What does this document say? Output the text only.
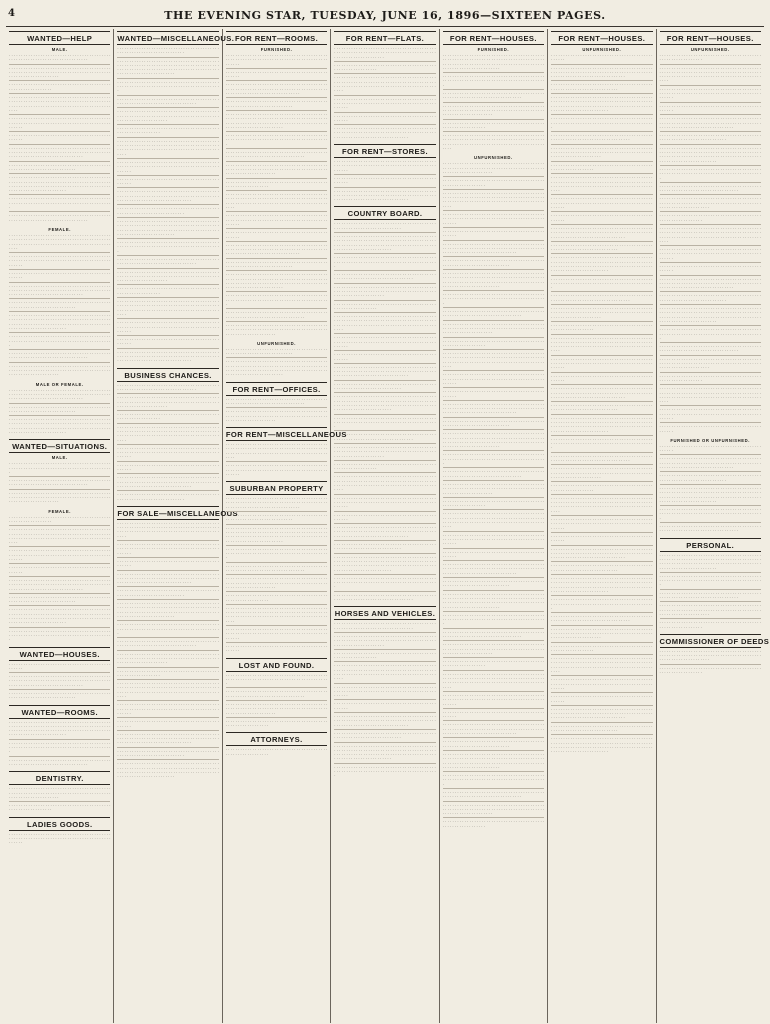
4	THE EVENING STAR, TUESDAY, JUNE 16, 1896—SIXTEEN PAGES.
WANTED—HELP
MALE.
· · · · · · · · · · · · · · · · · · · · · · · · · · · · · · · · · · · · · · · · · · · · · · · · · · · · · · · · · · · · · · · · · · · · · · · · · · ·
· · · · · · · · · · · · · · · · · · · · · · · · · · · · · · · · · · · · · · · · · · · · · · · · · · · · · · · · · · · · · · · · · · · · · · · · · · · · · · · · · · · · · · · · · · · · · · · · · · · · · · · · ·
· · · · · · · · · · · · · · · · · · · · · · · · · · · · · · · · · · · · · · · · · · · · · · · · · · · · · · · · · · · ·
· · · · · · · · · · · · · · · · · · · · · · · · · · · · · · · · · · · · · · · · · · · · · · · · · · · · · · · · · · · · · · · · · · · · · · · · · · · · · · · · · · · · · · · · · · · · · · · · · · · · · · · · · · · · · · · · · · · · · · · · · · · · · · · · · ·
· · · · · · · · · · · · · · · · · · · · · · · · · · · · · · · · · · · · · · · · · · · · · · · · · · · · · · · · · · · · · · · · · · · · · · · · · · · · · · · · · · · · · · · · · ·
· · · · · · · · · · · · · · · · · · · · · · · · · · · · · · · · · · · · · · · · · · · · · · · ·
· · · · · · · · · · · · · · · · · · · · · · · · · · · · · · · · · · · · · · · · · · · · · · · · · · · · · · · · · · · · · · · · · · · · · · · · · · · · · · · · · · · · · · · · · · · · · · · · · · · · · · · · · · · · · · · · · · ·
· · · · · · · · · · · · · · · · · · · · · · · · · · · · · · · · · · · · · · · · · · · · · · · · · · · · · · · · · · · · · · · · · · · · · ·
· · · · · · · · · · · · · · · · · · · · · · · · · · · · · · · · · · · · · · · · · · · · · · · · · · · · · · · · · · · · · · · · · · · · · · · · · · · · · · · · · · · · · · · · · · · · · · · · · · · · · · · · · · · · · · · · · · · · · · · · · · · · · · · · · · · · · · · · · · · · · · · · · · · · · ·
· · · · · · · · · · · · · · · · · · · · · · · · · · · · · · · · · · · · · · · · · · · · · · · · · · · · · · · · · · · · · · · · · · · · · · · · · · · · · · · · · · · · ·
· · · · · · · · · · · · · · · · · · · · · · · · · · · · · · · · · · · · · · · · · · · · · · · · · · · · · · · · · · · · · · · · · · · · · · · · · · ·
FEMALE.
· · · · · · · · · · · · · · · · · · · · · · · · · · · · · · · · · · · · · · · · · · · · · · · · · · · · · · · · · · · · · · · · · · · · · · · · · · · · · · · · · · · · · · · · · · · · · · · · · · · · · · · · · · · · · · · · · · · · · · · · · · · · · · · · · ·
· · · · · · · · · · · · · · · · · · · · · · · · · · · · · · · · · · · · · · · · · · · · · · · · · · · · · · · · · · · · · · · · · · · · · · · · · · · · · · · · · · · · · · · · · ·
· · · · · · · · · · · · · · · · · · · · · · · · · · · · · · · · · · · · · · · · · · · · · · · ·
· · · · · · · · · · · · · · · · · · · · · · · · · · · · · · · · · · · · · · · · · · · · · · · · · · · · · · · · · · · · · · · · · · · · · · · · · · · · · · · · · · · · · · · · · · · · · · · · · · · · · · · · · · · · · · · · · · ·
· · · · · · · · · · · · · · · · · · · · · · · · · · · · · · · · · · · · · · · · · · · · · · · · · · · · · · · · · · · · · · · · · · · · · ·
· · · · · · · · · · · · · · · · · · · · · · · · · · · · · · · · · · · · · · · · · · · · · · · · · · · · · · · · · · · · · · · · · · · · · · · · · · · · · · · · · · · · · · · · · · · · · · · · · · · · · · · · · · · · · · · · · · · · · · · · · · · · · · · · · · · · · · · · · · · · · · · · · · · · · ·
· · · · · · · · · · · · · · · · · · · · · · · · · · · · · · · · · · · · · · · · · · · · · · · · · · · · · · · · · · · · · · · · · · · · · · · · · · · · · · · · · · · · ·
· · · · · · · · · · · · · · · · · · · · · · · · · · · · · · · · · · · · · · · · · · · · · · · · · · · · · · · · · · · · · · · · · · · · · · · · · · ·
· · · · · · · · · · · · · · · · · · · · · · · · · · · · · · · · · · · · · · · · · · · · · · · · · · · · · · · · · · · · · · · · · · · · · · · · · · · · · · · · · · · · · · · · · · · · · · · · · · · · · · · · ·
MALE OR FEMALE.
· · · · · · · · · · · · · · · · · · · · · · · · · · · · · · · · · · · · · · · · · · · · · · · · · · · · · · · · · · · · · · · · · · · · · · · · · · · · · · · · · · · · · · · · · · · · · · · · · · · · · · · · · · · · · · · · · · ·
· · · · · · · · · · · · · · · · · · · · · · · · · · · · · · · · · · · · · · · · · · · · · · · · · · · · · · · · · · · · · · · · · · · · · ·
· · · · · · · · · · · · · · · · · · · · · · · · · · · · · · · · · · · · · · · · · · · · · · · · · · · · · · · · · · · · · · · · · · · · · · · · · · · · · · · · · · · · · · · · · · · · · · · · · · · · · · · · · · · · · · · · · · · · · · · · · · · · · · · · · · · · · · · · · · · · · · · · · · · · · ·
WANTED—SITUATIONS.
MALE.
· · · · · · · · · · · · · · · · · · · · · · · · · · · · · · · · · · · · · · · · · · · · · · · · · · · · · · · · · · · · · · · · · · · · · · · · · · · · · · · · · · · · ·
· · · · · · · · · · · · · · · · · · · · · · · · · · · · · · · · · · · · · · · · · · · · · · · · · · · · · · · · · · · · · · · · · · · · · · · · · · ·
· · · · · · · · · · · · · · · · · · · · · · · · · · · · · · · · · · · · · · · · · · · · · · · · · · · · · · · · · · · · · · · · · · · · · · · · · · · · · · · · · · · · · · · · · · · · · · · · · · · · · · · · ·
FEMALE.
· · · · · · · · · · · · · · · · · · · · · · · · · · · · · · · · · · · · · · · · · · · · · · · · · · · · · · · · · · · ·
· · · · · · · · · · · · · · · · · · · · · · · · · · · · · · · · · · · · · · · · · · · · · · · · · · · · · · · · · · · · · · · · · · · · · · · · · · · · · · · · · · · · · · · · · · · · · · · · · · · · · · · · · · · · · · · · · · · · · · · · · · · · · · · · · ·
· · · · · · · · · · · · · · · · · · · · · · · · · · · · · · · · · · · · · · · · · · · · · · · · · · · · · · · · · · · · · · · · · · · · · · · · · · · · · · · · · · · · · · · · · ·
· · · · · · · · · · · · · · · · · · · · · · · · · · · · · · · · · · · · · · · · · · · · · · · ·
· · · · · · · · · · · · · · · · · · · · · · · · · · · · · · · · · · · · · · · · · · · · · · · · · · · · · · · · · · · · · · · · · · · · · · · · · · · · · · · · · · · · · · · · · · · · · · · · · · · · · · · · · · · · · · · · · · ·
· · · · · · · · · · · · · · · · · · · · · · · · · · · · · · · · · · · · · · · · · · · · · · · · · · · · · · · · · · · · · · · · · · · · · ·
· · · · · · · · · · · · · · · · · · · · · · · · · · · · · · · · · · · · · · · · · · · · · · · · · · · · · · · · · · · · · · · · · · · · · · · · · · · · · · · · · · · · · · · · · · · · · · · · · · · · · · · · · · · · · · · · · · · · · · · · · · · · · · · · · · · · · · · · · · · · · · · · · · · · · ·
· · · · · · · · · · · · · · · · · · · · · · · · · · · · · · · · · · · · · · · · · · · · · · · · · · · · · · · · · · · · · · · · · · · · · · · · · · · · · · · · · · · · ·
WANTED—HOUSES.
· · · · · · · · · · · · · · · · · · · · · · · · · · · · · · · · · · · · · · · · · · · · · · · ·
· · · · · · · · · · · · · · · · · · · · · · · · · · · · · · · · · · · · · · · · · · · · · · · · · · · · · · · · · · · · · · · · · · · · · · · · · · · · · · · · · · · · · · · · · · · · · · · · · · · · · · · · · · · · · · · · · · ·
· · · · · · · · · · · · · · · · · · · · · · · · · · · · · · · · · · · · · · · · · · · · · · · · · · · · · · · · · · · · · · · · · · · · · ·
WANTED—ROOMS.
· · · · · · · · · · · · · · · · · · · · · · · · · · · · · · · · · · · · · · · · · · · · · · · · · · · · · · · · · · · · · · · · · · · · · · · · · · · · · · · · · · · · · · · · · · · · · · · · · · · · · · · · · · · · · · · · · · · · · · · · · · · · · · · · · · · · · · · · · · · · · · · · · · · · · ·
· · · · · · · · · · · · · · · · · · · · · · · · · · · · · · · · · · · · · · · · · · · · · · · · · · · · · · · · · · · · · · · · · · · · · · · · · · · · · · · · · · · · ·
· · · · · · · · · · · · · · · · · · · · · · · · · · · · · · · · · · · · · · · · · · · · · · · · · · · · · · · · · · · · · · · · · · · · · · · · · · ·
DENTISTRY.
· · · · · · · · · · · · · · · · · · · · · · · · · · · · · · · · · · · · · · · · · · · · · · · · · · · · · · · · · · · · · · · · · · · · · · · · · · · · · · · · · · · · · · · · · · · · · · · · · · · · · · · · ·
· · · · · · · · · · · · · · · · · · · · · · · · · · · · · · · · · · · · · · · · · · · · · · · · · · · · · · · · · · · ·
LADIES GOODS.
· · · · · · · · · · · · · · · · · · · · · · · · · · · · · · · · · · · · · · · · · · · · · · · · · · · · · · · · · · · · · · · · · · · · · · · · · · · · · · · · · · · · · · · · · ·
WANTED—MISCELLANEOUS.
· · · · · · · · · · · · · · · · · · · · · · · · · · · · · · · · · · · · · · · · · · · · · · · · · · · · · · · · · · · · · · · · · · · · · ·
· · · · · · · · · · · · · · · · · · · · · · · · · · · · · · · · · · · · · · · · · · · · · · · · · · · · · · · · · · · · · · · · · · · · · · · · · · · · · · · · · · · · · · · · · · · · · · · · · · · · · · · · · · · · · · · · · · · · · · · · · · · · · · · · · · · · · · · · · · · · · · · · · · · · · ·
· · · · · · · · · · · · · · · · · · · · · · · · · · · · · · · · · · · · · · · · · · · · · · · · · · · · · · · · · · · · · · · · · · · · · · · · · · · · · · · · · · · · ·
· · · · · · · · · · · · · · · · · · · · · · · · · · · · · · · · · · · · · · · · · · · · · · · · · · · · · · · · · · · · · · · · · · · · · · · · · · ·
· · · · · · · · · · · · · · · · · · · · · · · · · · · · · · · · · · · · · · · · · · · · · · · · · · · · · · · · · · · · · · · · · · · · · · · · · · · · · · · · · · · · · · · · · · · · · · · · · · · · · · · · ·
· · · · · · · · · · · · · · · · · · · · · · · · · · · · · · · · · · · · · · · · · · · · · · · · · · · · · · · · · · · ·
· · · · · · · · · · · · · · · · · · · · · · · · · · · · · · · · · · · · · · · · · · · · · · · · · · · · · · · · · · · · · · · · · · · · · · · · · · · · · · · · · · · · · · · · · · · · · · · · · · · · · · · · · · · · · · · · · · · · · · · · · · · · · · · · · ·
· · · · · · · · · · · · · · · · · · · · · · · · · · · · · · · · · · · · · · · · · · · · · · · · · · · · · · · · · · · · · · · · · · · · · · · · · · · · · · · · · · · · · · · · · ·
· · · · · · · · · · · · · · · · · · · · · · · · · · · · · · · · · · · · · · · · · · · · · · · ·
· · · · · · · · · · · · · · · · · · · · · · · · · · · · · · · · · · · · · · · · · · · · · · · · · · · · · · · · · · · · · · · · · · · · · · · · · · · · · · · · · · · · · · · · · · · · · · · · · · · · · · · · · · · · · · · · · · ·
· · · · · · · · · · · · · · · · · · · · · · · · · · · · · · · · · · · · · · · · · · · · · · · · · · · · · · · · · · · · · · · · · · · · · ·
· · · · · · · · · · · · · · · · · · · · · · · · · · · · · · · · · · · · · · · · · · · · · · · · · · · · · · · · · · · · · · · · · · · · · · · · · · · · · · · · · · · · · · · · · · · · · · · · · · · · · · · · · · · · · · · · · · · · · · · · · · · · · · · · · · · · · · · · · · · · · · · · · · · · · ·
· · · · · · · · · · · · · · · · · · · · · · · · · · · · · · · · · · · · · · · · · · · · · · · · · · · · · · · · · · · · · · · · · · · · · · · · · · · · · · · · · · · · ·
· · · · · · · · · · · · · · · · · · · · · · · · · · · · · · · · · · · · · · · · · · · · · · · · · · · · · · · · · · · · · · · · · · · · · · · · · · ·
· · · · · · · · · · · · · · · · · · · · · · · · · · · · · · · · · · · · · · · · · · · · · · · · · · · · · · · · · · · · · · · · · · · · · · · · · · · · · · · · · · · · · · · · · · · · · · · · · · · · · · · · ·
· · · · · · · · · · · · · · · · · · · · · · · · · · · · · · · · · · · · · · · · · · · · · · · · · · · · · · · · · · · ·
· · · · · · · · · · · · · · · · · · · · · · · · · · · · · · · · · · · · · · · · · · · · · · · · · · · · · · · · · · · · · · · · · · · · · · · · · · · · · · · · · · · · · · · · · · · · · · · · · · · · · · · · · · · · · · · · · · · · · · · · · · · · · · · · · ·
· · · · · · · · · · · · · · · · · · · · · · · · · · · · · · · · · · · · · · · · · · · · · · · · · · · · · · · · · · · · · · · · · · · · · · · · · · · · · · · · · · · · · · · · · ·
· · · · · · · · · · · · · · · · · · · · · · · · · · · · · · · · · · · · · · · · · · · · · · · ·
· · · · · · · · · · · · · · · · · · · · · · · · · · · · · · · · · · · · · · · · · · · · · · · · · · · · · · · · · · · · · · · · · · · · · · · · · · · · · · · · · · · · · · · · · · · · · · · · · · · · · · · · · · · · · · · · · · ·
BUSINESS CHANCES.
· · · · · · · · · · · · · · · · · · · · · · · · · · · · · · · · · · · · · · · · · · · · · · · · · · · · · · · · · · · · · · · · · · · · · · · · · · ·
· · · · · · · · · · · · · · · · · · · · · · · · · · · · · · · · · · · · · · · · · · · · · · · · · · · · · · · · · · · · · · · · · · · · · · · · · · · · · · · · · · · · · · · · · · · · · · · · · · · · · · · · ·
· · · · · · · · · · · · · · · · · · · · · · · · · · · · · · · · · · · · · · · · · · · · · · · · · · · · · · · · · · · ·
· · · · · · · · · · · · · · · · · · · · · · · · · · · · · · · · · · · · · · · · · · · · · · · · · · · · · · · · · · · · · · · · · · · · · · · · · · · · · · · · · · · · · · · · · · · · · · · · · · · · · · · · · · · · · · · · · · · · · · · · · · · · · · · · · ·
· · · · · · · · · · · · · · · · · · · · · · · · · · · · · · · · · · · · · · · · · · · · · · · · · · · · · · · · · · · · · · · · · · · · · · · · · · · · · · · · · · · · · · · · · ·
· · · · · · · · · · · · · · · · · · · · · · · · · · · · · · · · · · · · · · · · · · · · · · · ·
· · · · · · · · · · · · · · · · · · · · · · · · · · · · · · · · · · · · · · · · · · · · · · · · · · · · · · · · · · · · · · · · · · · · · · · · · · · · · · · · · · · · · · · · · · · · · · · · · · · · · · · · · · · · · · · · · · ·
· · · · · · · · · · · · · · · · · · · · · · · · · · · · · · · · · · · · · · · · · · · · · · · · · · · · · · · · · · · · · · · · · · · · · ·
FOR SALE—MISCELLANEOUS
· · · · · · · · · · · · · · · · · · · · · · · · · · · · · · · · · · · · · · · · · · · · · · · · · · · · · · · · · · · · · · · · · · · · · · · · · · · · · · · · · · · · · · · · · · · · · · · · · · · · · · · · · · · · · · · · · · · · · · · · · · · · · · · · · ·
· · · · · · · · · · · · · · · · · · · · · · · · · · · · · · · · · · · · · · · · · · · · · · · · · · · · · · · · · · · · · · · · · · · · · · · · · · · · · · · · · · · · · · · · · ·
· · · · · · · · · · · · · · · · · · · · · · · · · · · · · · · · · · · · · · · · · · · · · · · ·
· · · · · · · · · · · · · · · · · · · · · · · · · · · · · · · · · · · · · · · · · · · · · · · · · · · · · · · · · · · · · · · · · · · · · · · · · · · · · · · · · · · · · · · · · · · · · · · · · · · · · · · · · · · · · · · · · · ·
· · · · · · · · · · · · · · · · · · · · · · · · · · · · · · · · · · · · · · · · · · · · · · · · · · · · · · · · · · · · · · · · · · · · · ·
· · · · · · · · · · · · · · · · · · · · · · · · · · · · · · · · · · · · · · · · · · · · · · · · · · · · · · · · · · · · · · · · · · · · · · · · · · · · · · · · · · · · · · · · · · · · · · · · · · · · · · · · · · · · · · · · · · · · · · · · · · · · · · · · · · · · · · · · · · · · · · · · · · · · · ·
· · · · · · · · · · · · · · · · · · · · · · · · · · · · · · · · · · · · · · · · · · · · · · · · · · · · · · · · · · · · · · · · · · · · · · · · · · · · · · · · · · · · ·
· · · · · · · · · · · · · · · · · · · · · · · · · · · · · · · · · · · · · · · · · · · · · · · · · · · · · · · · · · · · · · · · · · · · · · · · · · ·
· · · · · · · · · · · · · · · · · · · · · · · · · · · · · · · · · · · · · · · · · · · · · · · · · · · · · · · · · · · · · · · · · · · · · · · · · · · · · · · · · · · · · · · · · · · · · · · · · · · · · · · · ·
· · · · · · · · · · · · · · · · · · · · · · · · · · · · · · · · · · · · · · · · · · · · · · · · · · · · · · · · · · · ·
· · · · · · · · · · · · · · · · · · · · · · · · · · · · · · · · · · · · · · · · · · · · · · · · · · · · · · · · · · · · · · · · · · · · · · · · · · · · · · · · · · · · · · · · · · · · · · · · · · · · · · · · · · · · · · · · · · · · · · · · · · · · · · · · · ·
· · · · · · · · · · · · · · · · · · · · · · · · · · · · · · · · · · · · · · · · · · · · · · · · · · · · · · · · · · · · · · · · · · · · · · · · · · · · · · · · · · · · · · · · · ·
· · · · · · · · · · · · · · · · · · · · · · · · · · · · · · · · · · · · · · · · · · · · · · · ·
· · · · · · · · · · · · · · · · · · · · · · · · · · · · · · · · · · · · · · · · · · · · · · · · · · · · · · · · · · · · · · · · · · · · · · · · · · · · · · · · · · · · · · · · · · · · · · · · · · · · · · · · · · · · · · · · · · ·
· · · · · · · · · · · · · · · · · · · · · · · · · · · · · · · · · · · · · · · · · · · · · · · · · · · · · · · · · · · · · · · · · · · · · ·
· · · · · · · · · · · · · · · · · · · · · · · · · · · · · · · · · · · · · · · · · · · · · · · · · · · · · · · · · · · · · · · · · · · · · · · · · · · · · · · · · · · · · · · · · · · · · · · · · · · · · · · · · · · · · · · · · · · · · · · · · · · · · · · · · · · · · · · · · · · · · · · · · · · · · ·
FOR RENT—ROOMS.
FURNISHED.
· · · · · · · · · · · · · · · · · · · · · · · · · · · · · · · · · · · · · · · · · · · · · · · · · · · · · · · · · · · · · · · · · · · · · · · · · · · · · · · · · · · · · · · · · ·
· · · · · · · · · · · · · · · · · · · · · · · · · · · · · · · · · · · · · · · · · · · · · · · ·
· · · · · · · · · · · · · · · · · · · · · · · · · · · · · · · · · · · · · · · · · · · · · · · · · · · · · · · · · · · · · · · · · · · · · · · · · · · · · · · · · · · · · · · · · · · · · · · · · · · · · · · · · · · · · · · · · · ·
· · · · · · · · · · · · · · · · · · · · · · · · · · · · · · · · · · · · · · · · · · · · · · · · · · · · · · · · · · · · · · · · · · · · · ·
· · · · · · · · · · · · · · · · · · · · · · · · · · · · · · · · · · · · · · · · · · · · · · · · · · · · · · · · · · · · · · · · · · · · · · · · · · · · · · · · · · · · · · · · · · · · · · · · · · · · · · · · · · · · · · · · · · · · · · · · · · · · · · · · · · · · · · · · · · · · · · · · · · · · · ·
· · · · · · · · · · · · · · · · · · · · · · · · · · · · · · · · · · · · · · · · · · · · · · · · · · · · · · · · · · · · · · · · · · · · · · · · · · · · · · · · · · · · ·
· · · · · · · · · · · · · · · · · · · · · · · · · · · · · · · · · · · · · · · · · · · · · · · · · · · · · · · · · · · · · · · · · · · · · · · · · · ·
· · · · · · · · · · · · · · · · · · · · · · · · · · · · · · · · · · · · · · · · · · · · · · · · · · · · · · · · · · · · · · · · · · · · · · · · · · · · · · · · · · · · · · · · · · · · · · · · · · · · · · · · ·
· · · · · · · · · · · · · · · · · · · · · · · · · · · · · · · · · · · · · · · · · · · · · · · · · · · · · · · · · · · ·
· · · · · · · · · · · · · · · · · · · · · · · · · · · · · · · · · · · · · · · · · · · · · · · · · · · · · · · · · · · · · · · · · · · · · · · · · · · · · · · · · · · · · · · · · · · · · · · · · · · · · · · · · · · · · · · · · · · · · · · · · · · · · · · · · ·
· · · · · · · · · · · · · · · · · · · · · · · · · · · · · · · · · · · · · · · · · · · · · · · · · · · · · · · · · · · · · · · · · · · · · · · · · · · · · · · · · · · · · · · · · ·
· · · · · · · · · · · · · · · · · · · · · · · · · · · · · · · · · · · · · · · · · · · · · · · ·
· · · · · · · · · · · · · · · · · · · · · · · · · · · · · · · · · · · · · · · · · · · · · · · · · · · · · · · · · · · · · · · · · · · · · · · · · · · · · · · · · · · · · · · · · · · · · · · · · · · · · · · · · · · · · · · · · · ·
· · · · · · · · · · · · · · · · · · · · · · · · · · · · · · · · · · · · · · · · · · · · · · · · · · · · · · · · · · · · · · · · · · · · · ·
· · · · · · · · · · · · · · · · · · · · · · · · · · · · · · · · · · · · · · · · · · · · · · · · · · · · · · · · · · · · · · · · · · · · · · · · · · · · · · · · · · · · · · · · · · · · · · · · · · · · · · · · · · · · · · · · · · · · · · · · · · · · · · · · · · · · · · · · · · · · · · · · · · · · · ·
· · · · · · · · · · · · · · · · · · · · · · · · · · · · · · · · · · · · · · · · · · · · · · · · · · · · · · · · · · · · · · · · · · · · · · · · · · · · · · · · · · · · ·
· · · · · · · · · · · · · · · · · · · · · · · · · · · · · · · · · · · · · · · · · · · · · · · · · · · · · · · · · · · · · · · · · · · · · · · · · · ·
· · · · · · · · · · · · · · · · · · · · · · · · · · · · · · · · · · · · · · · · · · · · · · · · · · · · · · · · · · · · · · · · · · · · · · · · · · · · · · · · · · · · · · · · · · · · · · · · · · · · · · · · ·
UNFURNISHED.
· · · · · · · · · · · · · · · · · · · · · · · · · · · · · · · · · · · · · · · · · · · · · · · · · · · · · · · · · · · · · · · · · · · · · ·
· · · · · · · · · · · · · · · · · · · · · · · · · · · · · · · · · · · · · · · · · · · · · · · · · · · · · · · · · · · · · · · · · · · · · · · · · · · · · · · · · · · · · · · · · · · · · · · · · · · · · · · · · · · · · · · · · · · · · · · · · · · · · · · · · · · · · · · · · · · · · · · · · · · · · ·
FOR RENT—OFFICES.
· · · · · · · · · · · · · · · · · · · · · · · · · · · · · · · · · · · · · · · · · · · · · · · · · · · · · · · · · · · · · · · · · · · · · · · · · · ·
· · · · · · · · · · · · · · · · · · · · · · · · · · · · · · · · · · · · · · · · · · · · · · · · · · · · · · · · · · · · · · · · · · · · · · · · · · · · · · · · · · · · · · · · · · · · · · · · · · · · · · · · ·
FOR RENT—MISCELLANEOUS
· · · · · · · · · · · · · · · · · · · · · · · · · · · · · · · · · · · · · · · · · · · · · · · · · · · · · · · · · · · · · · · · · · · · · · · · · · · · · · · · · · · · · · · · · · · · · · · · · · · · · · · · · · · · · · · · · · · · · · · · · · · · · · · · · ·
· · · · · · · · · · · · · · · · · · · · · · · · · · · · · · · · · · · · · · · · · · · · · · · · · · · · · · · · · · · · · · · · · · · · · · · · · · · · · · · · · · · · · · · · · ·
SUBURBAN PROPERTY
· · · · · · · · · · · · · · · · · · · · · · · · · · · · · · · · · · · · · · · · · · · · · · · · · · · · · · · · · · · · · · · · · · · · · · · · · · · · · · · · · · · · · · · · · · · · · · · · · · · · · · · · · · · · · · · · · · ·
· · · · · · · · · · · · · · · · · · · · · · · · · · · · · · · · · · · · · · · · · · · · · · · · · · · · · · · · · · · · · · · · · · · · · ·
· · · · · · · · · · · · · · · · · · · · · · · · · · · · · · · · · · · · · · · · · · · · · · · · · · · · · · · · · · · · · · · · · · · · · · · · · · · · · · · · · · · · · · · · · · · · · · · · · · · · · · · · · · · · · · · · · · · · · · · · · · · · · · · · · · · · · · · · · · · · · · · · · · · · · ·
· · · · · · · · · · · · · · · · · · · · · · · · · · · · · · · · · · · · · · · · · · · · · · · · · · · · · · · · · · · · · · · · · · · · · · · · · · · · · · · · · · · · ·
· · · · · · · · · · · · · · · · · · · · · · · · · · · · · · · · · · · · · · · · · · · · · · · · · · · · · · · · · · · · · · · · · · · · · · · · · · ·
· · · · · · · · · · · · · · · · · · · · · · · · · · · · · · · · · · · · · · · · · · · · · · · · · · · · · · · · · · · · · · · · · · · · · · · · · · · · · · · · · · · · · · · · · · · · · · · · · · · · · · · · ·
· · · · · · · · · · · · · · · · · · · · · · · · · · · · · · · · · · · · · · · · · · · · · · · · · · · · · · · · · · · ·
· · · · · · · · · · · · · · · · · · · · · · · · · · · · · · · · · · · · · · · · · · · · · · · · · · · · · · · · · · · · · · · · · · · · · · · · · · · · · · · · · · · · · · · · · · · · · · · · · · · · · · · · · · · · · · · · · · · · · · · · · · · · · · · · · ·
· · · · · · · · · · · · · · · · · · · · · · · · · · · · · · · · · · · · · · · · · · · · · · · · · · · · · · · · · · · · · · · · · · · · · · · · · · · · · · · · · · · · · · · · · ·
· · · · · · · · · · · · · · · · · · · · · · · · · · · · · · · · · · · · · · · · · · · · · · · ·
LOST AND FOUND.
· · · · · · · · · · · · · · · · · · · · · · · · · · · · · · · · · · · · · · · · · · · · · · · · · · · · · · · · · · · · · · · · · · · · · · · · · · · · · · · · · · · · ·
· · · · · · · · · · · · · · · · · · · · · · · · · · · · · · · · · · · · · · · · · · · · · · · · · · · · · · · · · · · · · · · · · · · · · · · · · · ·
· · · · · · · · · · · · · · · · · · · · · · · · · · · · · · · · · · · · · · · · · · · · · · · · · · · · · · · · · · · · · · · · · · · · · · · · · · · · · · · · · · · · · · · · · · · · · · · · · · · · · · · · ·
· · · · · · · · · · · · · · · · · · · · · · · · · · · · · · · · · · · · · · · · · · · · · · · · · · · · · · · · · · · ·
ATTORNEYS.
· · · · · · · · · · · · · · · · · · · · · · · · · · · · · · · · · · · · · · · · · · · · · · · · · · · · · · · · · · · ·
FOR RENT—FLATS.
· · · · · · · · · · · · · · · · · · · · · · · · · · · · · · · · · · · · · · · · · · · · · · · · · · · · · · · · · · · · · · · · · · · · · · · · · · · · · · · · · · · · · · · · · · · · · · · · · · · · · · · · ·
· · · · · · · · · · · · · · · · · · · · · · · · · · · · · · · · · · · · · · · · · · · · · · · · · · · · · · · · · · · ·
· · · · · · · · · · · · · · · · · · · · · · · · · · · · · · · · · · · · · · · · · · · · · · · · · · · · · · · · · · · · · · · · · · · · · · · · · · · · · · · · · · · · · · · · · · · · · · · · · · · · · · · · · · · · · · · · · · · · · · · · · · · · · · · · · ·
· · · · · · · · · · · · · · · · · · · · · · · · · · · · · · · · · · · · · · · · · · · · · · · · · · · · · · · · · · · · · · · · · · · · · · · · · · · · · · · · · · · · · · · · · ·
· · · · · · · · · · · · · · · · · · · · · · · · · · · · · · · · · · · · · · · · · · · · · · · ·
· · · · · · · · · · · · · · · · · · · · · · · · · · · · · · · · · · · · · · · · · · · · · · · · · · · · · · · · · · · · · · · · · · · · · · · · · · · · · · · · · · · · · · · · · · · · · · · · · · · · · · · · · · · · · · · · · · ·
FOR RENT—STORES.
· · · · · · · · · · · · · · · · · · · · · · · · · · · · · · · · · · · · · · · · · · · · · · · · · · · · · · · · · · · · · · · · · · · · · · · · · · · · · · · · · · · · · · · · · ·
· · · · · · · · · · · · · · · · · · · · · · · · · · · · · · · · · · · · · · · · · · · · · · · ·
· · · · · · · · · · · · · · · · · · · · · · · · · · · · · · · · · · · · · · · · · · · · · · · · · · · · · · · · · · · · · · · · · · · · · · · · · · · · · · · · · · · · · · · · · · · · · · · · · · · · · · · · · · · · · · · · · · ·
COUNTRY BOARD.
· · · · · · · · · · · · · · · · · · · · · · · · · · · · · · · · · · · · · · · · · · · · · · · · · · · · · · · · · · · · · · · · · · · · · ·
· · · · · · · · · · · · · · · · · · · · · · · · · · · · · · · · · · · · · · · · · · · · · · · · · · · · · · · · · · · · · · · · · · · · · · · · · · · · · · · · · · · · · · · · · · · · · · · · · · · · · · · · · · · · · · · · · · · · · · · · · · · · · · · · · · · · · · · · · · · · · · · · · · · · · ·
· · · · · · · · · · · · · · · · · · · · · · · · · · · · · · · · · · · · · · · · · · · · · · · · · · · · · · · · · · · · · · · · · · · · · · · · · · · · · · · · · · · · ·
· · · · · · · · · · · · · · · · · · · · · · · · · · · · · · · · · · · · · · · · · · · · · · · · · · · · · · · · · · · · · · · · · · · · · · · · · · ·
· · · · · · · · · · · · · · · · · · · · · · · · · · · · · · · · · · · · · · · · · · · · · · · · · · · · · · · · · · · · · · · · · · · · · · · · · · · · · · · · · · · · · · · · · · · · · · · · · · · · · · · · ·
· · · · · · · · · · · · · · · · · · · · · · · · · · · · · · · · · · · · · · · · · · · · · · · · · · · · · · · · · · · ·
· · · · · · · · · · · · · · · · · · · · · · · · · · · · · · · · · · · · · · · · · · · · · · · · · · · · · · · · · · · · · · · · · · · · · · · · · · · · · · · · · · · · · · · · · · · · · · · · · · · · · · · · · · · · · · · · · · · · · · · · · · · · · · · · · ·
· · · · · · · · · · · · · · · · · · · · · · · · · · · · · · · · · · · · · · · · · · · · · · · · · · · · · · · · · · · · · · · · · · · · · · · · · · · · · · · · · · · · · · · · · ·
· · · · · · · · · · · · · · · · · · · · · · · · · · · · · · · · · · · · · · · · · · · · · · · ·
· · · · · · · · · · · · · · · · · · · · · · · · · · · · · · · · · · · · · · · · · · · · · · · · · · · · · · · · · · · · · · · · · · · · · · · · · · · · · · · · · · · · · · · · · · · · · · · · · · · · · · · · · · · · · · · · · · ·
· · · · · · · · · · · · · · · · · · · · · · · · · · · · · · · · · · · · · · · · · · · · · · · · · · · · · · · · · · · · · · · · · · · · · ·
· · · · · · · · · · · · · · · · · · · · · · · · · · · · · · · · · · · · · · · · · · · · · · · · · · · · · · · · · · · · · · · · · · · · · · · · · · · · · · · · · · · · · · · · · · · · · · · · · · · · · · · · · · · · · · · · · · · · · · · · · · · · · · · · · · · · · · · · · · · · · · · · · · · · · ·
· · · · · · · · · · · · · · · · · · · · · · · · · · · · · · · · · · · · · · · · · · · · · · · · · · · · · · · · · · · · · · · · · · · · · · · · · · · · · · · · · · · · ·
· · · · · · · · · · · · · · · · · · · · · · · · · · · · · · · · · · · · · · · · · · · · · · · · · · · · · · · · · · · · · · · · · · · · · · · · · · ·
· · · · · · · · · · · · · · · · · · · · · · · · · · · · · · · · · · · · · · · · · · · · · · · · · · · · · · · · · · · · · · · · · · · · · · · · · · · · · · · · · · · · · · · · · · · · · · · · · · · · · · · · ·
· · · · · · · · · · · · · · · · · · · · · · · · · · · · · · · · · · · · · · · · · · · · · · · · · · · · · · · · · · · ·
· · · · · · · · · · · · · · · · · · · · · · · · · · · · · · · · · · · · · · · · · · · · · · · · · · · · · · · · · · · · · · · · · · · · · · · · · · · · · · · · · · · · · · · · · · · · · · · · · · · · · · · · · · · · · · · · · · · · · · · · · · · · · · · · · ·
· · · · · · · · · · · · · · · · · · · · · · · · · · · · · · · · · · · · · · · · · · · · · · · · · · · · · · · · · · · · · · · · · · · · · · · · · · · · · · · · · · · · · · · · · ·
· · · · · · · · · · · · · · · · · · · · · · · · · · · · · · · · · · · · · · · · · · · · · · · ·
· · · · · · · · · · · · · · · · · · · · · · · · · · · · · · · · · · · · · · · · · · · · · · · · · · · · · · · · · · · · · · · · · · · · · · · · · · · · · · · · · · · · · · · · · · · · · · · · · · · · · · · · · · · · · · · · · · ·
· · · · · · · · · · · · · · · · · · · · · · · · · · · · · · · · · · · · · · · · · · · · · · · · · · · · · · · · · · · · · · · · · · · · · ·
· · · · · · · · · · · · · · · · · · · · · · · · · · · · · · · · · · · · · · · · · · · · · · · · · · · · · · · · · · · · · · · · · · · · · · · · · · · · · · · · · · · · · · · · · · · · · · · · · · · · · · · · · · · · · · · · · · · · · · · · · · · · · · · · · · · · · · · · · · · · · · · · · · · · · ·
· · · · · · · · · · · · · · · · · · · · · · · · · · · · · · · · · · · · · · · · · · · · · · · · · · · · · · · · · · · · · · · · · · · · · · · · · · · · · · · · · · · · ·
· · · · · · · · · · · · · · · · · · · · · · · · · · · · · · · · · · · · · · · · · · · · · · · · · · · · · · · · · · · · · · · · · · · · · · · · · · ·
HORSES AND VEHICLES.
· · · · · · · · · · · · · · · · · · · · · · · · · · · · · · · · · · · · · · · · · · · · · · · · · · · · · · · · · · · · · · · · · · · · · · · · · · ·
· · · · · · · · · · · · · · · · · · · · · · · · · · · · · · · · · · · · · · · · · · · · · · · · · · · · · · · · · · · · · · · · · · · · · · · · · · · · · · · · · · · · · · · · · · · · · · · · · · · · · · · · ·
· · · · · · · · · · · · · · · · · · · · · · · · · · · · · · · · · · · · · · · · · · · · · · · · · · · · · · · · · · · ·
· · · · · · · · · · · · · · · · · · · · · · · · · · · · · · · · · · · · · · · · · · · · · · · · · · · · · · · · · · · · · · · · · · · · · · · · · · · · · · · · · · · · · · · · · · · · · · · · · · · · · · · · · · · · · · · · · · · · · · · · · · · · · · · · · ·
· · · · · · · · · · · · · · · · · · · · · · · · · · · · · · · · · · · · · · · · · · · · · · · · · · · · · · · · · · · · · · · · · · · · · · · · · · · · · · · · · · · · · · · · · ·
· · · · · · · · · · · · · · · · · · · · · · · · · · · · · · · · · · · · · · · · · · · · · · · ·
· · · · · · · · · · · · · · · · · · · · · · · · · · · · · · · · · · · · · · · · · · · · · · · · · · · · · · · · · · · · · · · · · · · · · · · · · · · · · · · · · · · · · · · · · · · · · · · · · · · · · · · · · · · · · · · · · · ·
· · · · · · · · · · · · · · · · · · · · · · · · · · · · · · · · · · · · · · · · · · · · · · · · · · · · · · · · · · · · · · · · · · · · · ·
· · · · · · · · · · · · · · · · · · · · · · · · · · · · · · · · · · · · · · · · · · · · · · · · · · · · · · · · · · · · · · · · · · · · · · · · · · · · · · · · · · · · · · · · · · · · · · · · · · · · · · · · · · · · · · · · · · · · · · · · · · · · · · · · · · · · · · · · · · · · · · · · · · · · · ·
· · · · · · · · · · · · · · · · · · · · · · · · · · · · · · · · · · · · · · · · · · · · · · · · · · · · · · · · · · · · · · · · · · · · · · · · · · · · · · · · · · · · ·
FOR RENT—HOUSES.
FURNISHED.
· · · · · · · · · · · · · · · · · · · · · · · · · · · · · · · · · · · · · · · · · · · · · · · · · · · · · · · · · · · · · · · · · · · · · · · · · · · · · · · · · · · · · · · · · · · · · · · · · · · · · · · · · · · · · · · · · · · · · · · · · · · · · · · · · · · · · · · · · · · · · · · · · · · · · ·
· · · · · · · · · · · · · · · · · · · · · · · · · · · · · · · · · · · · · · · · · · · · · · · · · · · · · · · · · · · · · · · · · · · · · · · · · · · · · · · · · · · · ·
· · · · · · · · · · · · · · · · · · · · · · · · · · · · · · · · · · · · · · · · · · · · · · · · · · · · · · · · · · · · · · · · · · · · · · · · · · ·
· · · · · · · · · · · · · · · · · · · · · · · · · · · · · · · · · · · · · · · · · · · · · · · · · · · · · · · · · · · · · · · · · · · · · · · · · · · · · · · · · · · · · · · · · · · · · · · · · · · · · · · · ·
· · · · · · · · · · · · · · · · · · · · · · · · · · · · · · · · · · · · · · · · · · · · · · · · · · · · · · · · · · · ·
· · · · · · · · · · · · · · · · · · · · · · · · · · · · · · · · · · · · · · · · · · · · · · · · · · · · · · · · · · · · · · · · · · · · · · · · · · · · · · · · · · · · · · · · · · · · · · · · · · · · · · · · · · · · · · · · · · · · · · · · · · · · · · · · · ·
UNFURNISHED.
· · · · · · · · · · · · · · · · · · · · · · · · · · · · · · · · · · · · · · · · · · · · · · · · · · · · · · · · · · · · · · · · · · · · · · · · · · · · · · · · · · · · · · · · · · · · · · · · · · · · · · · · ·
· · · · · · · · · · · · · · · · · · · · · · · · · · · · · · · · · · · · · · · · · · · · · · · · · · · · · · · · · · · ·
· · · · · · · · · · · · · · · · · · · · · · · · · · · · · · · · · · · · · · · · · · · · · · · · · · · · · · · · · · · · · · · · · · · · · · · · · · · · · · · · · · · · · · · · · · · · · · · · · · · · · · · · · · · · · · · · · · · · · · · · · · · · · · · · · ·
· · · · · · · · · · · · · · · · · · · · · · · · · · · · · · · · · · · · · · · · · · · · · · · · · · · · · · · · · · · · · · · · · · · · · · · · · · · · · · · · · · · · · · · · · ·
· · · · · · · · · · · · · · · · · · · · · · · · · · · · · · · · · · · · · · · · · · · · · · · ·
· · · · · · · · · · · · · · · · · · · · · · · · · · · · · · · · · · · · · · · · · · · · · · · · · · · · · · · · · · · · · · · · · · · · · · · · · · · · · · · · · · · · · · · · · · · · · · · · · · · · · · · · · · · · · · · · · · ·
· · · · · · · · · · · · · · · · · · · · · · · · · · · · · · · · · · · · · · · · · · · · · · · · · · · · · · · · · · · · · · · · · · · · · ·
· · · · · · · · · · · · · · · · · · · · · · · · · · · · · · · · · · · · · · · · · · · · · · · · · · · · · · · · · · · · · · · · · · · · · · · · · · · · · · · · · · · · · · · · · · · · · · · · · · · · · · · · · · · · · · · · · · · · · · · · · · · · · · · · · · · · · · · · · · · · · · · · · · · · · ·
· · · · · · · · · · · · · · · · · · · · · · · · · · · · · · · · · · · · · · · · · · · · · · · · · · · · · · · · · · · · · · · · · · · · · · · · · · · · · · · · · · · · ·
· · · · · · · · · · · · · · · · · · · · · · · · · · · · · · · · · · · · · · · · · · · · · · · · · · · · · · · · · · · · · · · · · · · · · · · · · · ·
· · · · · · · · · · · · · · · · · · · · · · · · · · · · · · · · · · · · · · · · · · · · · · · · · · · · · · · · · · · · · · · · · · · · · · · · · · · · · · · · · · · · · · · · · · · · · · · · · · · · · · · · ·
· · · · · · · · · · · · · · · · · · · · · · · · · · · · · · · · · · · · · · · · · · · · · · · · · · · · · · · · · · · ·
· · · · · · · · · · · · · · · · · · · · · · · · · · · · · · · · · · · · · · · · · · · · · · · · · · · · · · · · · · · · · · · · · · · · · · · · · · · · · · · · · · · · · · · · · · · · · · · · · · · · · · · · · · · · · · · · · · · · · · · · · · · · · · · · · ·
· · · · · · · · · · · · · · · · · · · · · · · · · · · · · · · · · · · · · · · · · · · · · · · · · · · · · · · · · · · · · · · · · · · · · · · · · · · · · · · · · · · · · · · · · ·
· · · · · · · · · · · · · · · · · · · · · · · · · · · · · · · · · · · · · · · · · · · · · · · ·
· · · · · · · · · · · · · · · · · · · · · · · · · · · · · · · · · · · · · · · · · · · · · · · · · · · · · · · · · · · · · · · · · · · · · · · · · · · · · · · · · · · · · · · · · · · · · · · · · · · · · · · · · · · · · · · · · · ·
· · · · · · · · · · · · · · · · · · · · · · · · · · · · · · · · · · · · · · · · · · · · · · · · · · · · · · · · · · · · · · · · · · · · · ·
· · · · · · · · · · · · · · · · · · · · · · · · · · · · · · · · · · · · · · · · · · · · · · · · · · · · · · · · · · · · · · · · · · · · · · · · · · · · · · · · · · · · · · · · · · · · · · · · · · · · · · · · · · · · · · · · · · · · · · · · · · · · · · · · · · · · · · · · · · · · · · · · · · · · · ·
· · · · · · · · · · · · · · · · · · · · · · · · · · · · · · · · · · · · · · · · · · · · · · · · · · · · · · · · · · · · · · · · · · · · · · · · · · · · · · · · · · · · ·
· · · · · · · · · · · · · · · · · · · · · · · · · · · · · · · · · · · · · · · · · · · · · · · · · · · · · · · · · · · · · · · · · · · · · · · · · · ·
· · · · · · · · · · · · · · · · · · · · · · · · · · · · · · · · · · · · · · · · · · · · · · · · · · · · · · · · · · · · · · · · · · · · · · · · · · · · · · · · · · · · · · · · · · · · · · · · · · · · · · · · ·
· · · · · · · · · · · · · · · · · · · · · · · · · · · · · · · · · · · · · · · · · · · · · · · · · · · · · · · · · · · ·
· · · · · · · · · · · · · · · · · · · · · · · · · · · · · · · · · · · · · · · · · · · · · · · · · · · · · · · · · · · · · · · · · · · · · · · · · · · · · · · · · · · · · · · · · · · · · · · · · · · · · · · · · · · · · · · · · · · · · · · · · · · · · · · · · ·
· · · · · · · · · · · · · · · · · · · · · · · · · · · · · · · · · · · · · · · · · · · · · · · · · · · · · · · · · · · · · · · · · · · · · · · · · · · · · · · · · · · · · · · · · ·
· · · · · · · · · · · · · · · · · · · · · · · · · · · · · · · · · · · · · · · · · · · · · · · ·
· · · · · · · · · · · · · · · · · · · · · · · · · · · · · · · · · · · · · · · · · · · · · · · · · · · · · · · · · · · · · · · · · · · · · · · · · · · · · · · · · · · · · · · · · · · · · · · · · · · · · · · · · · · · · · · · · · ·
· · · · · · · · · · · · · · · · · · · · · · · · · · · · · · · · · · · · · · · · · · · · · · · · · · · · · · · · · · · · · · · · · · · · · ·
· · · · · · · · · · · · · · · · · · · · · · · · · · · · · · · · · · · · · · · · · · · · · · · · · · · · · · · · · · · · · · · · · · · · · · · · · · · · · · · · · · · · · · · · · · · · · · · · · · · · · · · · · · · · · · · · · · · · · · · · · · · · · · · · · · · · · · · · · · · · · · · · · · · · · ·
· · · · · · · · · · · · · · · · · · · · · · · · · · · · · · · · · · · · · · · · · · · · · · · · · · · · · · · · · · · · · · · · · · · · · · · · · · · · · · · · · · · · ·
· · · · · · · · · · · · · · · · · · · · · · · · · · · · · · · · · · · · · · · · · · · · · · · · · · · · · · · · · · · · · · · · · · · · · · · · · · ·
· · · · · · · · · · · · · · · · · · · · · · · · · · · · · · · · · · · · · · · · · · · · · · · · · · · · · · · · · · · · · · · · · · · · · · · · · · · · · · · · · · · · · · · · · · · · · · · · · · · · · · · · ·
· · · · · · · · · · · · · · · · · · · · · · · · · · · · · · · · · · · · · · · · · · · · · · · · · · · · · · · · · · · ·
· · · · · · · · · · · · · · · · · · · · · · · · · · · · · · · · · · · · · · · · · · · · · · · · · · · · · · · · · · · · · · · · · · · · · · · · · · · · · · · · · · · · · · · · · · · · · · · · · · · · · · · · · · · · · · · · · · · · · · · · · · · · · · · · · ·
· · · · · · · · · · · · · · · · · · · · · · · · · · · · · · · · · · · · · · · · · · · · · · · · · · · · · · · · · · · · · · · · · · · · · · · · · · · · · · · · · · · · · · · · · ·
· · · · · · · · · · · · · · · · · · · · · · · · · · · · · · · · · · · · · · · · · · · · · · · ·
· · · · · · · · · · · · · · · · · · · · · · · · · · · · · · · · · · · · · · · · · · · · · · · · · · · · · · · · · · · · · · · · · · · · · · · · · · · · · · · · · · · · · · · · · · · · · · · · · · · · · · · · · · · · · · · · · · ·
· · · · · · · · · · · · · · · · · · · · · · · · · · · · · · · · · · · · · · · · · · · · · · · · · · · · · · · · · · · · · · · · · · · · · ·
· · · · · · · · · · · · · · · · · · · · · · · · · · · · · · · · · · · · · · · · · · · · · · · · · · · · · · · · · · · · · · · · · · · · · · · · · · · · · · · · · · · · · · · · · · · · · · · · · · · · · · · · · · · · · · · · · · · · · · · · · · · · · · · · · · · · · · · · · · · · · · · · · · · · · ·
· · · · · · · · · · · · · · · · · · · · · · · · · · · · · · · · · · · · · · · · · · · · · · · · · · · · · · · · · · · · · · · · · · · · · · · · · · · · · · · · · · · · ·
· · · · · · · · · · · · · · · · · · · · · · · · · · · · · · · · · · · · · · · · · · · · · · · · · · · · · · · · · · · · · · · · · · · · · · · · · · ·
· · · · · · · · · · · · · · · · · · · · · · · · · · · · · · · · · · · · · · · · · · · · · · · · · · · · · · · · · · · · · · · · · · · · · · · · · · · · · · · · · · · · · · · · · · · · · · · · · · · · · · · · ·
· · · · · · · · · · · · · · · · · · · · · · · · · · · · · · · · · · · · · · · · · · · · · · · · · · · · · · · · · · · ·
FOR RENT—HOUSES.
UNFURNISHED.
· · · · · · · · · · · · · · · · · · · · · · · · · · · · · · · · · · · · · · · · · · · · · · · ·
· · · · · · · · · · · · · · · · · · · · · · · · · · · · · · · · · · · · · · · · · · · · · · · · · · · · · · · · · · · · · · · · · · · · · · · · · · · · · · · · · · · · · · · · · · · · · · · · · · · · · · · · · · · · · · · · · · ·
· · · · · · · · · · · · · · · · · · · · · · · · · · · · · · · · · · · · · · · · · · · · · · · · · · · · · · · · · · · · · · · · · · · · · ·
· · · · · · · · · · · · · · · · · · · · · · · · · · · · · · · · · · · · · · · · · · · · · · · · · · · · · · · · · · · · · · · · · · · · · · · · · · · · · · · · · · · · · · · · · · · · · · · · · · · · · · · · · · · · · · · · · · · · · · · · · · · · · · · · · · · · · · · · · · · · · · · · · · · · · ·
· · · · · · · · · · · · · · · · · · · · · · · · · · · · · · · · · · · · · · · · · · · · · · · · · · · · · · · · · · · · · · · · · · · · · · · · · · · · · · · · · · · · ·
· · · · · · · · · · · · · · · · · · · · · · · · · · · · · · · · · · · · · · · · · · · · · · · · · · · · · · · · · · · · · · · · · · · · · · · · · · ·
· · · · · · · · · · · · · · · · · · · · · · · · · · · · · · · · · · · · · · · · · · · · · · · · · · · · · · · · · · · · · · · · · · · · · · · · · · · · · · · · · · · · · · · · · · · · · · · · · · · · · · · · ·
· · · · · · · · · · · · · · · · · · · · · · · · · · · · · · · · · · · · · · · · · · · · · · · · · · · · · · · · · · · ·
· · · · · · · · · · · · · · · · · · · · · · · · · · · · · · · · · · · · · · · · · · · · · · · · · · · · · · · · · · · · · · · · · · · · · · · · · · · · · · · · · · · · · · · · · · · · · · · · · · · · · · · · · · · · · · · · · · · · · · · · · · · · · · · · · ·
· · · · · · · · · · · · · · · · · · · · · · · · · · · · · · · · · · · · · · · · · · · · · · · · · · · · · · · · · · · · · · · · · · · · · · · · · · · · · · · · · · · · · · · · · ·
· · · · · · · · · · · · · · · · · · · · · · · · · · · · · · · · · · · · · · · · · · · · · · · ·
· · · · · · · · · · · · · · · · · · · · · · · · · · · · · · · · · · · · · · · · · · · · · · · · · · · · · · · · · · · · · · · · · · · · · · · · · · · · · · · · · · · · · · · · · · · · · · · · · · · · · · · · · · · · · · · · · · ·
· · · · · · · · · · · · · · · · · · · · · · · · · · · · · · · · · · · · · · · · · · · · · · · · · · · · · · · · · · · · · · · · · · · · · ·
· · · · · · · · · · · · · · · · · · · · · · · · · · · · · · · · · · · · · · · · · · · · · · · · · · · · · · · · · · · · · · · · · · · · · · · · · · · · · · · · · · · · · · · · · · · · · · · · · · · · · · · · · · · · · · · · · · · · · · · · · · · · · · · · · · · · · · · · · · · · · · · · · · · · · ·
· · · · · · · · · · · · · · · · · · · · · · · · · · · · · · · · · · · · · · · · · · · · · · · · · · · · · · · · · · · · · · · · · · · · · · · · · · · · · · · · · · · · ·
· · · · · · · · · · · · · · · · · · · · · · · · · · · · · · · · · · · · · · · · · · · · · · · · · · · · · · · · · · · · · · · · · · · · · · · · · · ·
· · · · · · · · · · · · · · · · · · · · · · · · · · · · · · · · · · · · · · · · · · · · · · · · · · · · · · · · · · · · · · · · · · · · · · · · · · · · · · · · · · · · · · · · · · · · · · · · · · · · · · · · ·
· · · · · · · · · · · · · · · · · · · · · · · · · · · · · · · · · · · · · · · · · · · · · · · · · · · · · · · · · · · ·
· · · · · · · · · · · · · · · · · · · · · · · · · · · · · · · · · · · · · · · · · · · · · · · · · · · · · · · · · · · · · · · · · · · · · · · · · · · · · · · · · · · · · · · · · · · · · · · · · · · · · · · · · · · · · · · · · · · · · · · · · · · · · · · · · ·
· · · · · · · · · · · · · · · · · · · · · · · · · · · · · · · · · · · · · · · · · · · · · · · · · · · · · · · · · · · · · · · · · · · · · · · · · · · · · · · · · · · · · · · · · ·
· · · · · · · · · · · · · · · · · · · · · · · · · · · · · · · · · · · · · · · · · · · · · · · ·
· · · · · · · · · · · · · · · · · · · · · · · · · · · · · · · · · · · · · · · · · · · · · · · · · · · · · · · · · · · · · · · · · · · · · · · · · · · · · · · · · · · · · · · · · · · · · · · · · · · · · · · · · · · · · · · · · · ·
· · · · · · · · · · · · · · · · · · · · · · · · · · · · · · · · · · · · · · · · · · · · · · · · · · · · · · · · · · · · · · · · · · · · · ·
· · · · · · · · · · · · · · · · · · · · · · · · · · · · · · · · · · · · · · · · · · · · · · · · · · · · · · · · · · · · · · · · · · · · · · · · · · · · · · · · · · · · · · · · · · · · · · · · · · · · · · · · · · · · · · · · · · · · · · · · · · · · · · · · · · · · · · · · · · · · · · · · · · · · · ·
· · · · · · · · · · · · · · · · · · · · · · · · · · · · · · · · · · · · · · · · · · · · · · · · · · · · · · · · · · · · · · · · · · · · · · · · · · · · · · · · · · · · ·
· · · · · · · · · · · · · · · · · · · · · · · · · · · · · · · · · · · · · · · · · · · · · · · · · · · · · · · · · · · · · · · · · · · · · · · · · · ·
· · · · · · · · · · · · · · · · · · · · · · · · · · · · · · · · · · · · · · · · · · · · · · · · · · · · · · · · · · · · · · · · · · · · · · · · · · · · · · · · · · · · · · · · · · · · · · · · · · · · · · · · ·
· · · · · · · · · · · · · · · · · · · · · · · · · · · · · · · · · · · · · · · · · · · · · · · · · · · · · · · · · · · ·
· · · · · · · · · · · · · · · · · · · · · · · · · · · · · · · · · · · · · · · · · · · · · · · · · · · · · · · · · · · · · · · · · · · · · · · · · · · · · · · · · · · · · · · · · · · · · · · · · · · · · · · · · · · · · · · · · · · · · · · · · · · · · · · · · ·
· · · · · · · · · · · · · · · · · · · · · · · · · · · · · · · · · · · · · · · · · · · · · · · · · · · · · · · · · · · · · · · · · · · · · · · · · · · · · · · · · · · · · · · · · ·
· · · · · · · · · · · · · · · · · · · · · · · · · · · · · · · · · · · · · · · · · · · · · · · ·
· · · · · · · · · · · · · · · · · · · · · · · · · · · · · · · · · · · · · · · · · · · · · · · · · · · · · · · · · · · · · · · · · · · · · · · · · · · · · · · · · · · · · · · · · · · · · · · · · · · · · · · · · · · · · · · · · · ·
· · · · · · · · · · · · · · · · · · · · · · · · · · · · · · · · · · · · · · · · · · · · · · · · · · · · · · · · · · · · · · · · · · · · · ·
· · · · · · · · · · · · · · · · · · · · · · · · · · · · · · · · · · · · · · · · · · · · · · · · · · · · · · · · · · · · · · · · · · · · · · · · · · · · · · · · · · · · · · · · · · · · · · · · · · · · · · · · · · · · · · · · · · · · · · · · · · · · · · · · · · · · · · · · · · · · · · · · · · · · · ·
· · · · · · · · · · · · · · · · · · · · · · · · · · · · · · · · · · · · · · · · · · · · · · · · · · · · · · · · · · · · · · · · · · · · · · · · · · · · · · · · · · · · ·
· · · · · · · · · · · · · · · · · · · · · · · · · · · · · · · · · · · · · · · · · · · · · · · · · · · · · · · · · · · · · · · · · · · · · · · · · · ·
· · · · · · · · · · · · · · · · · · · · · · · · · · · · · · · · · · · · · · · · · · · · · · · · · · · · · · · · · · · · · · · · · · · · · · · · · · · · · · · · · · · · · · · · · · · · · · · · · · · · · · · · ·
· · · · · · · · · · · · · · · · · · · · · · · · · · · · · · · · · · · · · · · · · · · · · · · · · · · · · · · · · · · ·
· · · · · · · · · · · · · · · · · · · · · · · · · · · · · · · · · · · · · · · · · · · · · · · · · · · · · · · · · · · · · · · · · · · · · · · · · · · · · · · · · · · · · · · · · · · · · · · · · · · · · · · · · · · · · · · · · · · · · · · · · · · · · · · · · ·
· · · · · · · · · · · · · · · · · · · · · · · · · · · · · · · · · · · · · · · · · · · · · · · · · · · · · · · · · · · · · · · · · · · · · · · · · · · · · · · · · · · · · · · · · ·
· · · · · · · · · · · · · · · · · · · · · · · · · · · · · · · · · · · · · · · · · · · · · · · ·
· · · · · · · · · · · · · · · · · · · · · · · · · · · · · · · · · · · · · · · · · · · · · · · · · · · · · · · · · · · · · · · · · · · · · · · · · · · · · · · · · · · · · · · · · · · · · · · · · · · · · · · · · · · · · · · · · · ·
· · · · · · · · · · · · · · · · · · · · · · · · · · · · · · · · · · · · · · · · · · · · · · · · · · · · · · · · · · · · · · · · · · · · · ·
· · · · · · · · · · · · · · · · · · · · · · · · · · · · · · · · · · · · · · · · · · · · · · · · · · · · · · · · · · · · · · · · · · · · · · · · · · · · · · · · · · · · · · · · · · · · · · · · · · · · · · · · · · · · · · · · · · · · · · · · · · · · · · · · · · · · · · · · · · · · · · · · · · · · · ·
FOR RENT—HOUSES.
UNFURNISHED.
· · · · · · · · · · · · · · · · · · · · · · · · · · · · · · · · · · · · · · · · · · · · · · · · · · · · · · · · · · · ·
· · · · · · · · · · · · · · · · · · · · · · · · · · · · · · · · · · · · · · · · · · · · · · · · · · · · · · · · · · · · · · · · · · · · · · · · · · · · · · · · · · · · · · · · · · · · · · · · · · · · · · · · · · · · · · · · · · · · · · · · · · · · · · · · · ·
· · · · · · · · · · · · · · · · · · · · · · · · · · · · · · · · · · · · · · · · · · · · · · · · · · · · · · · · · · · · · · · · · · · · · · · · · · · · · · · · · · · · · · · · · ·
· · · · · · · · · · · · · · · · · · · · · · · · · · · · · · · · · · · · · · · · · · · · · · · ·
· · · · · · · · · · · · · · · · · · · · · · · · · · · · · · · · · · · · · · · · · · · · · · · · · · · · · · · · · · · · · · · · · · · · · · · · · · · · · · · · · · · · · · · · · · · · · · · · · · · · · · · · · · · · · · · · · · ·
· · · · · · · · · · · · · · · · · · · · · · · · · · · · · · · · · · · · · · · · · · · · · · · · · · · · · · · · · · · · · · · · · · · · · ·
· · · · · · · · · · · · · · · · · · · · · · · · · · · · · · · · · · · · · · · · · · · · · · · · · · · · · · · · · · · · · · · · · · · · · · · · · · · · · · · · · · · · · · · · · · · · · · · · · · · · · · · · · · · · · · · · · · · · · · · · · · · · · · · · · · · · · · · · · · · · · · · · · · · · · ·
· · · · · · · · · · · · · · · · · · · · · · · · · · · · · · · · · · · · · · · · · · · · · · · · · · · · · · · · · · · · · · · · · · · · · · · · · · · · · · · · · · · · ·
· · · · · · · · · · · · · · · · · · · · · · · · · · · · · · · · · · · · · · · · · · · · · · · · · · · · · · · · · · · · · · · · · · · · · · · · · · ·
· · · · · · · · · · · · · · · · · · · · · · · · · · · · · · · · · · · · · · · · · · · · · · · · · · · · · · · · · · · · · · · · · · · · · · · · · · · · · · · · · · · · · · · · · · · · · · · · · · · · · · · · ·
· · · · · · · · · · · · · · · · · · · · · · · · · · · · · · · · · · · · · · · · · · · · · · · · · · · · · · · · · · · ·
· · · · · · · · · · · · · · · · · · · · · · · · · · · · · · · · · · · · · · · · · · · · · · · · · · · · · · · · · · · · · · · · · · · · · · · · · · · · · · · · · · · · · · · · · · · · · · · · · · · · · · · · · · · · · · · · · · · · · · · · · · · · · · · · · ·
· · · · · · · · · · · · · · · · · · · · · · · · · · · · · · · · · · · · · · · · · · · · · · · · · · · · · · · · · · · · · · · · · · · · · · · · · · · · · · · · · · · · · · · · · ·
· · · · · · · · · · · · · · · · · · · · · · · · · · · · · · · · · · · · · · · · · · · · · · · ·
· · · · · · · · · · · · · · · · · · · · · · · · · · · · · · · · · · · · · · · · · · · · · · · · · · · · · · · · · · · · · · · · · · · · · · · · · · · · · · · · · · · · · · · · · · · · · · · · · · · · · · · · · · · · · · · · · · ·
· · · · · · · · · · · · · · · · · · · · · · · · · · · · · · · · · · · · · · · · · · · · · · · · · · · · · · · · · · · · · · · · · · · · · ·
· · · · · · · · · · · · · · · · · · · · · · · · · · · · · · · · · · · · · · · · · · · · · · · · · · · · · · · · · · · · · · · · · · · · · · · · · · · · · · · · · · · · · · · · · · · · · · · · · · · · · · · · · · · · · · · · · · · · · · · · · · · · · · · · · · · · · · · · · · · · · · · · · · · · · ·
· · · · · · · · · · · · · · · · · · · · · · · · · · · · · · · · · · · · · · · · · · · · · · · · · · · · · · · · · · · · · · · · · · · · · · · · · · · · · · · · · · · · ·
· · · · · · · · · · · · · · · · · · · · · · · · · · · · · · · · · · · · · · · · · · · · · · · · · · · · · · · · · · · · · · · · · · · · · · · · · · ·
· · · · · · · · · · · · · · · · · · · · · · · · · · · · · · · · · · · · · · · · · · · · · · · · · · · · · · · · · · · · · · · · · · · · · · · · · · · · · · · · · · · · · · · · · · · · · · · · · · · · · · · · ·
· · · · · · · · · · · · · · · · · · · · · · · · · · · · · · · · · · · · · · · · · · · · · · · · · · · · · · · · · · · ·
· · · · · · · · · · · · · · · · · · · · · · · · · · · · · · · · · · · · · · · · · · · · · · · · · · · · · · · · · · · · · · · · · · · · · · · · · · · · · · · · · · · · · · · · · · · · · · · · · · · · · · · · · · · · · · · · · · · · · · · · · · · · · · · · · ·
· · · · · · · · · · · · · · · · · · · · · · · · · · · · · · · · · · · · · · · · · · · · · · · · · · · · · · · · · · · · · · · · · · · · · · · · · · · · · · · · · · · · · · · · · ·
· · · · · · · · · · · · · · · · · · · · · · · · · · · · · · · · · · · · · · · · · · · · · · · ·
FURNISHED OR UNFURNISHED.
· · · · · · · · · · · · · · · · · · · · · · · · · · · · · · · · · · · · · · · · · · · · · · · ·
· · · · · · · · · · · · · · · · · · · · · · · · · · · · · · · · · · · · · · · · · · · · · · · · · · · · · · · · · · · · · · · · · · · · · · · · · · · · · · · · · · · · · · · · · · · · · · · · · · · · · · · · · · · · · · · · · · ·
· · · · · · · · · · · · · · · · · · · · · · · · · · · · · · · · · · · · · · · · · · · · · · · · · · · · · · · · · · · · · · · · · · · · · ·
· · · · · · · · · · · · · · · · · · · · · · · · · · · · · · · · · · · · · · · · · · · · · · · · · · · · · · · · · · · · · · · · · · · · · · · · · · · · · · · · · · · · · · · · · · · · · · · · · · · · · · · · · · · · · · · · · · · · · · · · · · · · · · · · · · · · · · · · · · · · · · · · · · · · · ·
· · · · · · · · · · · · · · · · · · · · · · · · · · · · · · · · · · · · · · · · · · · · · · · · · · · · · · · · · · · · · · · · · · · · · · · · · · · · · · · · · · · · ·
· · · · · · · · · · · · · · · · · · · · · · · · · · · · · · · · · · · · · · · · · · · · · · · · · · · · · · · · · · · · · · · · · · · · · · · · · · ·
PERSONAL.
· · · · · · · · · · · · · · · · · · · · · · · · · · · · · · · · · · · · · · · · · · · · · · · · · · · · · · · · · · · · · · · · · · · · · · · · · · · · · · · · · · · · · · · · · · · · · · · · · · · · · · · · · · · · · · · · · · · · · · · · · · · · · · · · · · · · · · · · · · · · · · · · · · · · · ·
· · · · · · · · · · · · · · · · · · · · · · · · · · · · · · · · · · · · · · · · · · · · · · · · · · · · · · · · · · · · · · · · · · · · · · · · · · · · · · · · · · · · ·
· · · · · · · · · · · · · · · · · · · · · · · · · · · · · · · · · · · · · · · · · · · · · · · · · · · · · · · · · · · · · · · · · · · · · · · · · · ·
· · · · · · · · · · · · · · · · · · · · · · · · · · · · · · · · · · · · · · · · · · · · · · · · · · · · · · · · · · · · · · · · · · · · · · · · · · · · · · · · · · · · · · · · · · · · · · · · · · · · · · · · ·
· · · · · · · · · · · · · · · · · · · · · · · · · · · · · · · · · · · · · · · · · · · · · · · · · · · · · · · · · · · ·
COMMISSIONER OF DEEDS
· · · · · · · · · · · · · · · · · · · · · · · · · · · · · · · · · · · · · · · · · · · · · · · · · · · · · · · · · · · · · · · · · · · · · · · · · · · · · · · · · · · · · · · · · · · · · · · · · · · · · · · · ·
· · · · · · · · · · · · · · · · · · · · · · · · · · · · · · · · · · · · · · · · · · · · · · · · · · · · · · · · · · · ·
